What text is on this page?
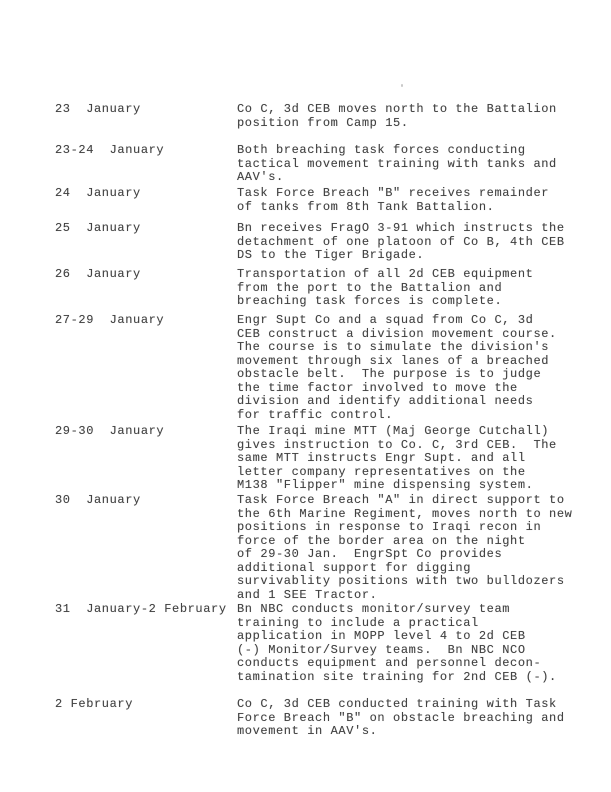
23  January	Co C, 3d CEB moves north to the Battalion
position from Camp 15.
23-24  January	Both breaching task forces conducting
tactical movement training with tanks and
AAV's.
24  January	Task Force Breach "B" receives remainder
of tanks from 8th Tank Battalion.
25  January	Bn receives FragO 3-91 which instructs the
detachment of one platoon of Co B, 4th CEB
DS to the Tiger Brigade.
26  January	Transportation of all 2d CEB equipment
from the port to the Battalion and
breaching task forces is complete.
27-29  January	Engr Supt Co and a squad from Co C, 3d
CEB construct a division movement course.
The course is to simulate the division's
movement through six lanes of a breached
obstacle belt.  The purpose is to judge
the time factor involved to move the
division and identify additional needs
for traffic control.
29-30  January	The Iraqi mine MTT (Maj George Cutchall)
gives instruction to Co. C, 3rd CEB.  The
same MTT instructs Engr Supt. and all
letter company representatives on the
M138 "Flipper" mine dispensing system.
30  January	Task Force Breach "A" in direct support to
the 6th Marine Regiment, moves north to new
positions in response to Iraqi recon in
force of the border area on the night
of 29-30 Jan.  EngrSpt Co provides
additional support for digging
survivablity positions with two bulldozers
and 1 SEE Tractor.
31  January-2 February Bn NBC conducts monitor/survey team
training to include a practical
application in MOPP level 4 to 2d CEB
(-) Monitor/Survey teams.  Bn NBC NCO
conducts equipment and personnel decon-
tamination site training for 2nd CEB (-).
2 February	Co C, 3d CEB conducted training with Task
Force Breach "B" on obstacle breaching and
movement in AAV's.
